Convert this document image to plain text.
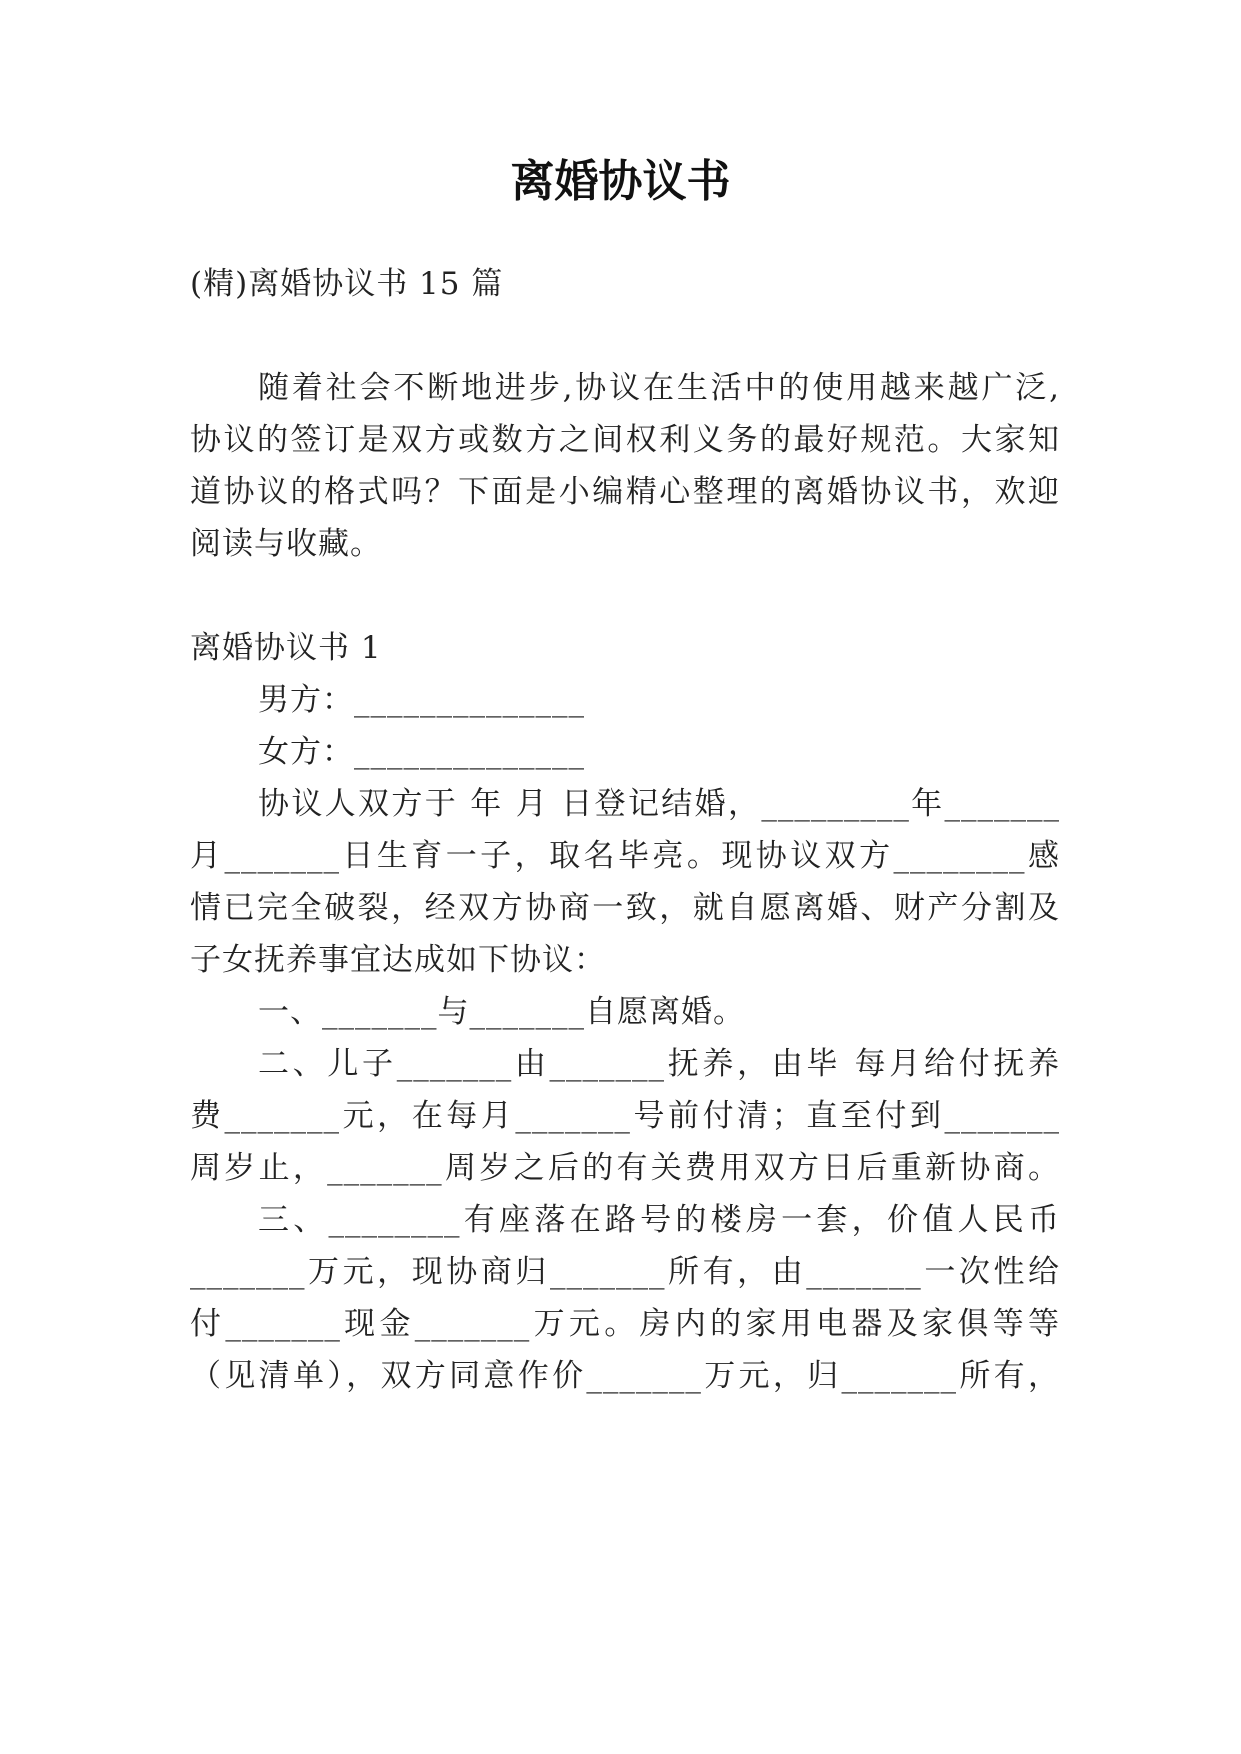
离婚协议书
(精)离婚协议书 15 篇
随着社会不断地进步,协议在生活中的使用越来越广泛,
协议的签订是双方或数方之间权利义务的最好规范。大家知
道协议的格式吗？下面是小编精心整理的离婚协议书，欢迎
阅读与收藏。
离婚协议书 1
男方：______________
女方：______________
协议人双方于 年 月 日登记结婚，_________年_______
月_______日生育一子，取名毕亮。现协议双方________感
情已完全破裂，经双方协商一致，就自愿离婚、财产分割及
子女抚养事宜达成如下协议：
一、_______与_______自愿离婚。
二、儿子_______由_______抚养，由毕 每月给付抚养
费_______元，在每月_______号前付清；直至付到_______
周岁止，_______周岁之后的有关费用双方日后重新协商。
三、________有座落在路号的楼房一套，价值人民币
_______万元，现协商归_______所有，由_______一次性给
付_______现金_______万元。房内的家用电器及家俱等等
（见清单），双方同意作价_______万元，归_______所有，
